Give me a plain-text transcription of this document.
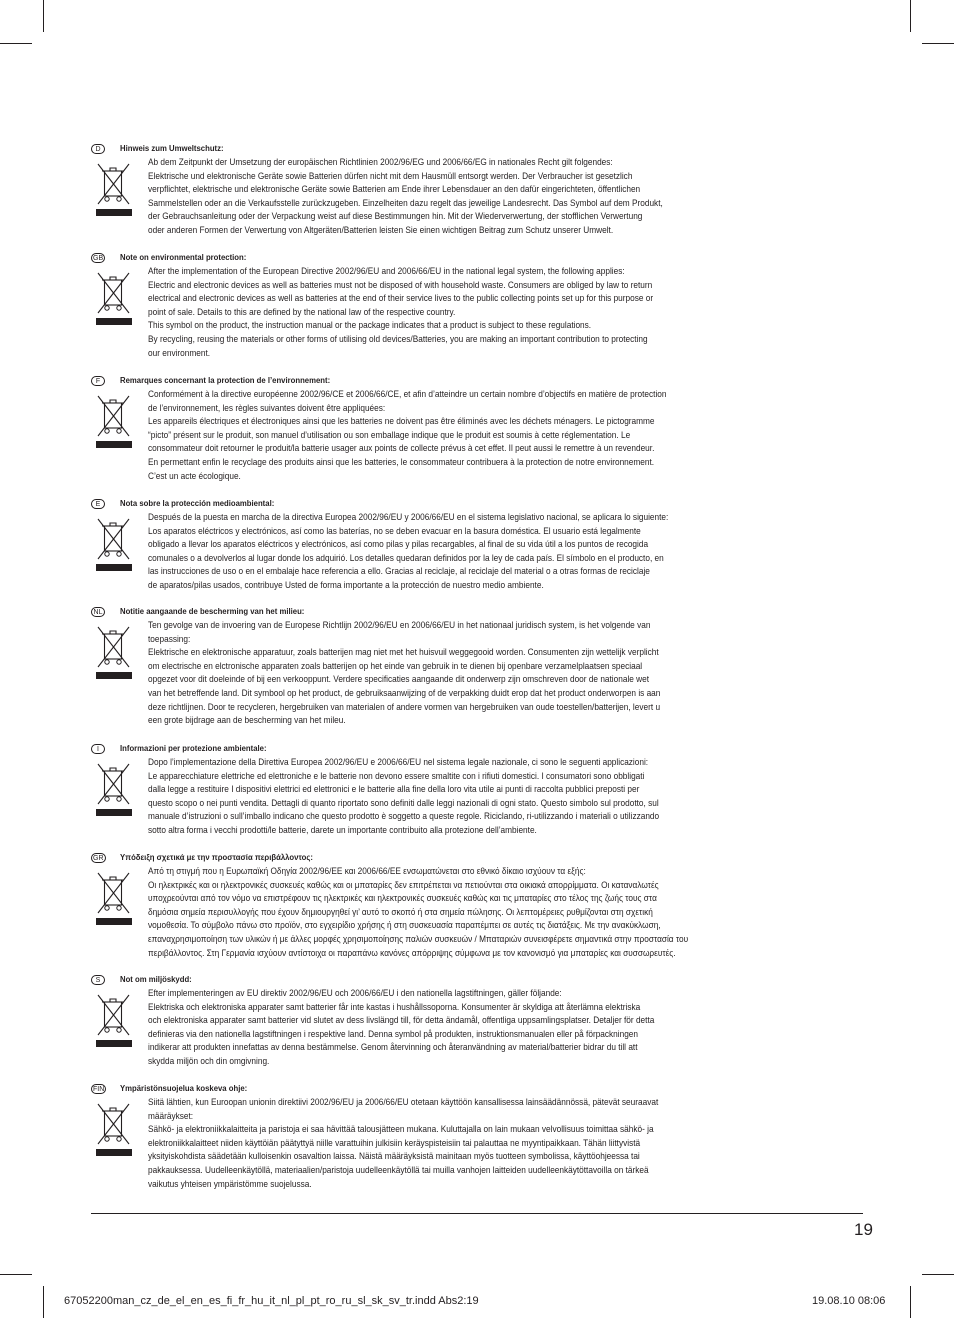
D	Hinweis zum Umweltschutz:
Ab dem Zeitpunkt der Umsetzung der europäischen Richtlinien 2002/96/EG und 2006/66/EG in nationales Recht gilt folgendes:
Elektrische und elektronische Geräte sowie Batterien dürfen nicht mit dem Hausmüll entsorgt werden. Der Verbraucher ist gesetzlich
verpflichtet, elektrische und elektronische Geräte sowie Batterien am Ende ihrer Lebensdauer an den dafür eingerichteten, öffentlichen
Sammelstellen oder an die Verkaufsstelle zurückzugeben. Einzelheiten dazu regelt das jeweilige Landesrecht. Das Symbol auf dem Produkt,
der Gebrauchsanleitung oder der Verpackung weist auf diese Bestimmungen hin. Mit der Wiederverwertung, der stofflichen Verwertung
oder anderen Formen der Verwertung von Altgeräten/Batterien leisten Sie einen wichtigen Beitrag zum Schutz unserer Umwelt.
GB Note on environmental protection:
After the implementation of the European Directive 2002/96/EU and 2006/66/EU in the national legal system, the following applies:
Electric and electronic devices as well as batteries must not be disposed of with household waste. Consumers are obliged by law to return
electrical and electronic devices as well as batteries at the end of their service lives to the public collecting points set up for this purpose or
point of sale. Details to this are defined by the national law of the respective country.
This symbol on the product, the instruction manual or the package indicates that a product is subject to these regulations.
By recycling, reusing the materials or other forms of utilising old devices/Batteries, you are making an important contribution to protecting
our environment.
F	Remarques concernant la protection de l’environnement:
Conformément à la directive européenne 2002/96/CE et 2006/66/CE, et afin d’atteindre un certain nombre d’objectifs en matière de protection
de l’environnement, les règles suivantes doivent être appliquées:
Les appareils électriques et électroniques ainsi que les batteries ne doivent pas être éliminés avec les déchets ménagers. Le pictogramme
“picto” présent sur le produit, son manuel d’utilisation ou son emballage indique que le produit est soumis à cette réglementation. Le
consommateur doit retourner le produit/la batterie usager aux points de collecte prévus à cet effet. Il peut aussi le remettre à un revendeur.
En permettant enfin le recyclage des produits ainsi que les batteries, le consommateur contribuera à la protection de notre environnement.
C’est un acte écologique.
E	Nota sobre la protección medioambiental:
Después de la puesta en marcha de la directiva Europea 2002/96/EU y 2006/66/EU en el sistema legislativo nacional, se aplicara lo siguiente:
Los aparatos eléctricos y electrónicos, así como las baterías, no se deben evacuar en la basura doméstica. El usuario está legalmente
obligado a llevar los aparatos eléctricos y electrónicos, así como pilas y pilas recargables, al final de su vida útil a los puntos de recogida
comunales o a devolverlos al lugar donde los adquirió. Los detalles quedaran definidos por la ley de cada país. El símbolo en el producto, en
las instrucciones de uso o en el embalaje hace referencia a ello. Gracias al reciclaje, al reciclaje del material o a otras formas de reciclaje
de aparatos/pilas usados, contribuye Usted de forma importante a la protección de nuestro medio ambiente.
NL Notitie aangaande de bescherming van het milieu:
Ten gevolge van de invoering van de Europese Richtlijn 2002/96/EU en 2006/66/EU in het nationaal juridisch system, is het volgende van
toepassing:
Elektrische en elektronische apparatuur, zoals batterijen mag niet met het huisvuil weggegooid worden. Consumenten zijn wettelijk verplicht
om electrische en elctronische apparaten zoals batterijen op het einde van gebruik in te dienen bij openbare verzamelplaatsen speciaal
opgezet voor dit doeleinde of bij een verkooppunt. Verdere specificaties aangaande dit onderwerp zijn omschreven door de nationale wet
van het betreffende land. Dit symbool op het product, de gebruiksaanwijzing of de verpakking duidt erop dat het product onderworpen is aan
deze richtlijnen. Door te recycleren, hergebruiken van materialen of andere vormen van hergebruiken van oude toestellen/batterijen, levert u
een grote bijdrage aan de bescherming van het mileu.
I	Informazioni per protezione ambientale:
Dopo l’implementazione della Direttiva Europea 2002/96/EU e 2006/66/EU nel sistema legale nazionale, ci sono le seguenti applicazioni:
Le apparecchiature elettriche ed elettroniche e le batterie non devono essere smaltite con i rifiuti domestici. I consumatori sono obbligati
dalla legge a restituire I dispositivi elettrici ed elettronici e le batterie alla fine della loro vita utile ai punti di raccolta pubblici preposti per
questo scopo o nei punti vendita. Dettagli di quanto riportato sono definiti dalle leggi nazionali di ogni stato. Questo simbolo sul prodotto, sul
manuale d’istruzioni o sull’imballo indicano che questo prodotto è soggetto a queste regole. Riciclando, ri-utilizzando i materiali o utilizzando
sotto altra forma i vecchi prodotti/le batterie, darete un importante contribuito alla protezione dell’ambiente.
GR Υπόδειξη σχετικά με την προστασία περιβάλλοντος:
Από τη στιγμή που η Ευρωπαϊκή Οδηγία 2002/96/ΕΕ και 2006/66/ΕΕ ενσωματώνεται στο εθνικό δίκαιο ισχύουν τα εξής:
Οι ηλεκτρικές και οι ηλεκτρονικές συσκευές καθώς και οι μπαταρίες δεν επιτρέπεται να πετιούνται στα οικιακά απορρίμματα. Οι καταναλωτές
υποχρεούνται από τον νόμο να επιστρέφουν τις ηλεκτρικές και ηλεκτρονικές συσκευές καθώς και τις μπαταρίες στο τέλος της ζωής τους στα
δημόσια σημεία περισυλλογής που έχουν δημιουργηθεί γι’ αυτό το σκοπό ή στα σημεία πώλησης. Οι λεπτομέρειες ρυθμίζονται στη σχετική
νομοθεσία. Το σύμβολο πάνω στο προϊόν, στο εγχειρίδιο χρήσης ή στη συσκευασία παραπέμπει σε αυτές τις διατάξεις. Με την ανακύκλωση,
επαναχρησιμοποίηση των υλικών ή με άλλες μορφές χρησιμοποίησης παλιών συσκευών / Μπαταριών συνεισφέρετε σημαντικά στην προστασία του
περιβάλλοντος. Στη Γερμανία ισχύουν αντίστοιχα οι παραπάνω κανόνες απόρριψης σύμφωνα με τον κανονισμό για μπαταρίες και συσσωρευτές.
S	Not om miljöskydd:
Efter implementeringen av EU direktiv 2002/96/EU och 2006/66/EU i den nationella lagstiftningen, gäller följande:
Elektriska och elektroniska apparater samt batterier får inte kastas i hushållssoporna. Konsumenter är skyldiga att återlämna elektriska
och elektroniska apparater samt batterier vid slutet av dess livslängd till, för detta ändamål, offentliga uppsamlingsplatser. Detaljer för detta
definieras via den nationella lagstiftningen i respektive land. Denna symbol på produkten, instruktionsmanualen eller på förpackningen
indikerar att produkten innefattas av denna bestämmelse. Genom återvinning och återanvändning av material/batterier bidrar du till att
skydda miljön och din omgivning.
FIN Ympäristönsuojelua koskeva ohje:
Siitä lähtien, kun Euroopan unionin direktiivi 2002/96/EU ja 2006/66/EU otetaan käyttöön kansallisessa lainsäädännössä, pätevät seuraavat
määräykset:
Sähkö- ja elektroniikkalaitteita ja paristoja ei saa hävittää talousjätteen mukana. Kuluttajalla on lain mukaan velvollisuus toimittaa sähkö- ja
elektroniikkalaitteet niiden käyttöiän päätyttyä niille varattuihin julkisiin keräyspisteisiin tai palauttaa ne myyntipaikkaan. Tähän liittyvistä
yksityiskohdista säädetään kulloisenkin osavaltion laissa. Näistä määräyksistä mainitaan myös tuotteen symbolissa, käyttöohjeessa tai
pakkauksessa. Uudelleenkäytöllä, materiaalien/paristoja uudelleenkäytöllä tai muilla vanhojen laitteiden uudelleenkäytöttavoilla on tärkeä
vaikutus yhteisen ympäristömme suojelussa.
19
67052200man_cz_de_el_en_es_fi_fr_hu_it_nl_pl_pt_ro_ru_sl_sk_sv_tr.indd Abs2:19	19.08.10 08:06
